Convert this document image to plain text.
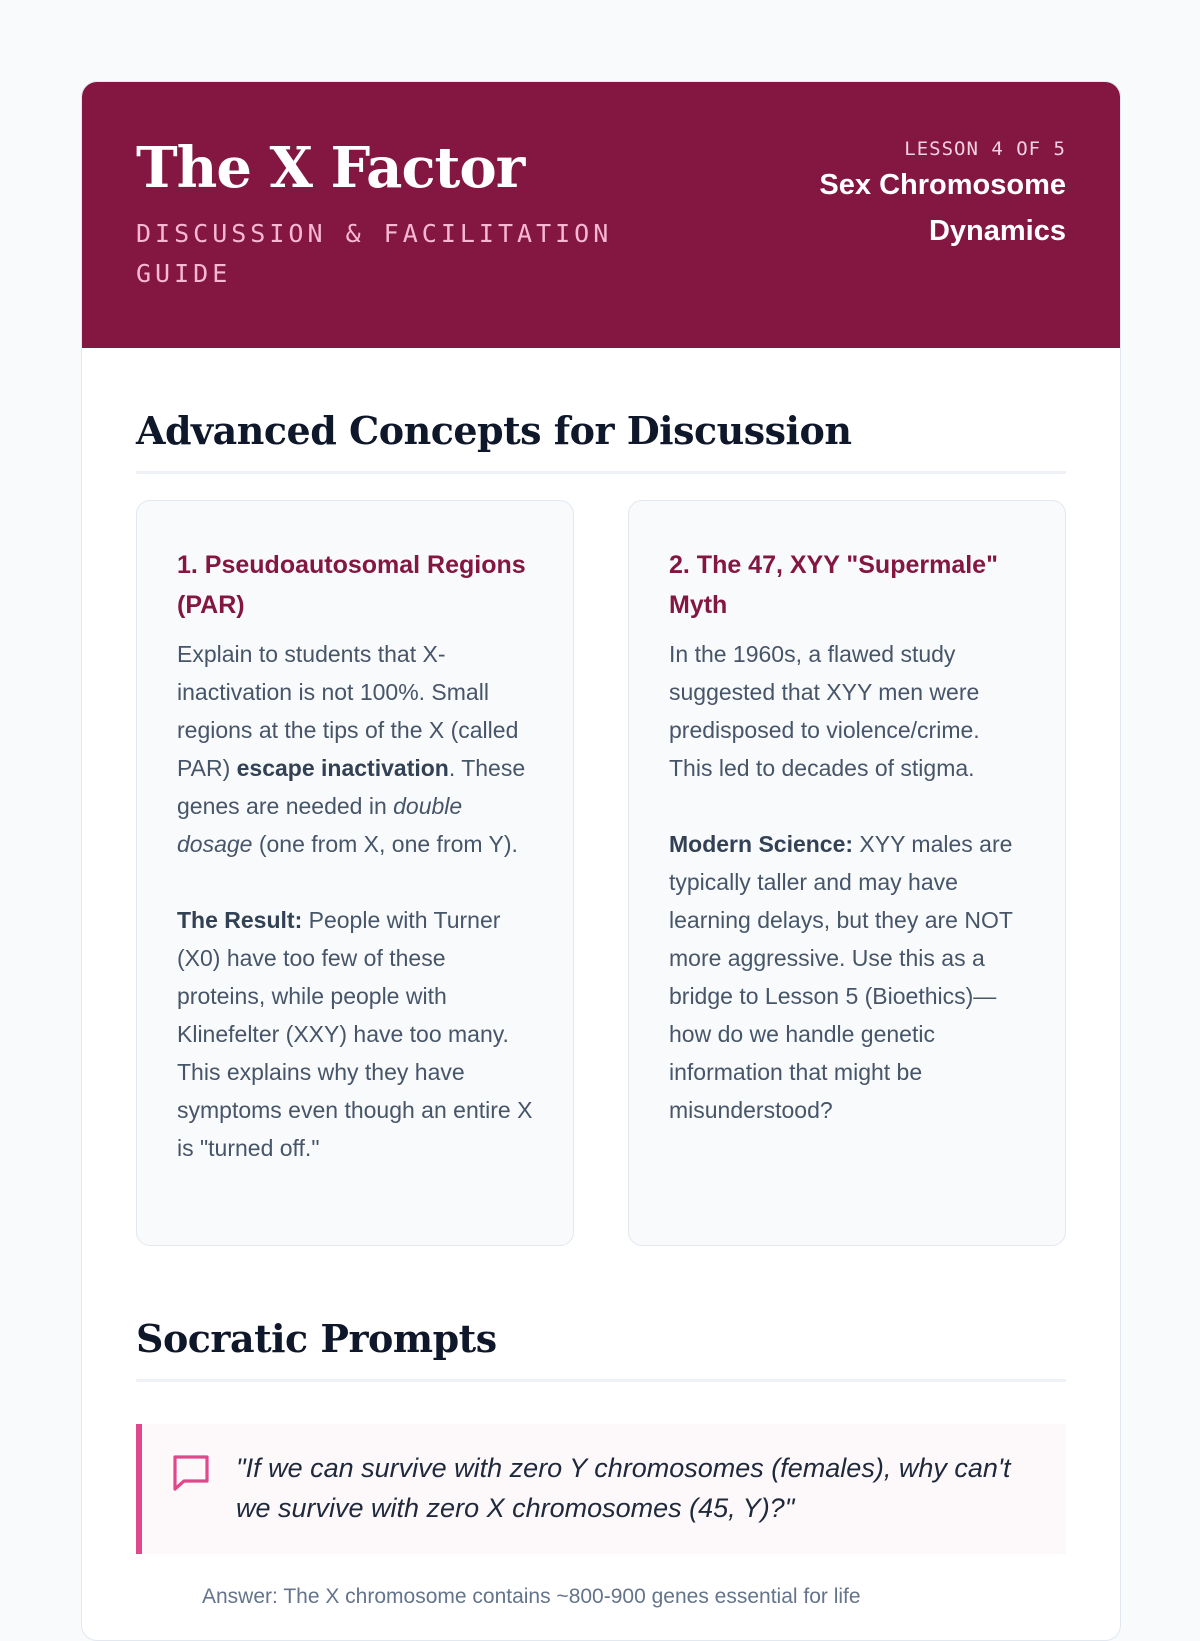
The X Factor
DISCUSSION & FACILITATION GUIDE
LESSON 4 OF 5
Sex Chromosome Dynamics
Advanced Concepts for Discussion
1. Pseudoautosomal Regions (PAR)

Explain to students that X-inactivation is not 100%. Small regions at the tips of the X (called PAR) escape inactivation. These genes are needed in double dosage (one from X, one from Y).

The Result: People with Turner (X0) have too few of these proteins, while people with Klinefelter (XXY) have too many. This explains why they have symptoms even though an entire X is "turned off."

2. The 47, XYY "Supermale" Myth

In the 1960s, a flawed study suggested that XYY men were predisposed to violence/crime. This led to decades of stigma.

Modern Science: XYY males are typically taller and may have learning delays, but they are NOT more aggressive. Use this as a bridge to Lesson 5 (Bioethics)—how do we handle genetic information that might be misunderstood?

Socratic Prompts
"If we can survive with zero Y chromosomes (females), why can't we survive with zero X chromosomes (45, Y)?"
Answer: The X chromosome contains ~800-900 genes essential for life
